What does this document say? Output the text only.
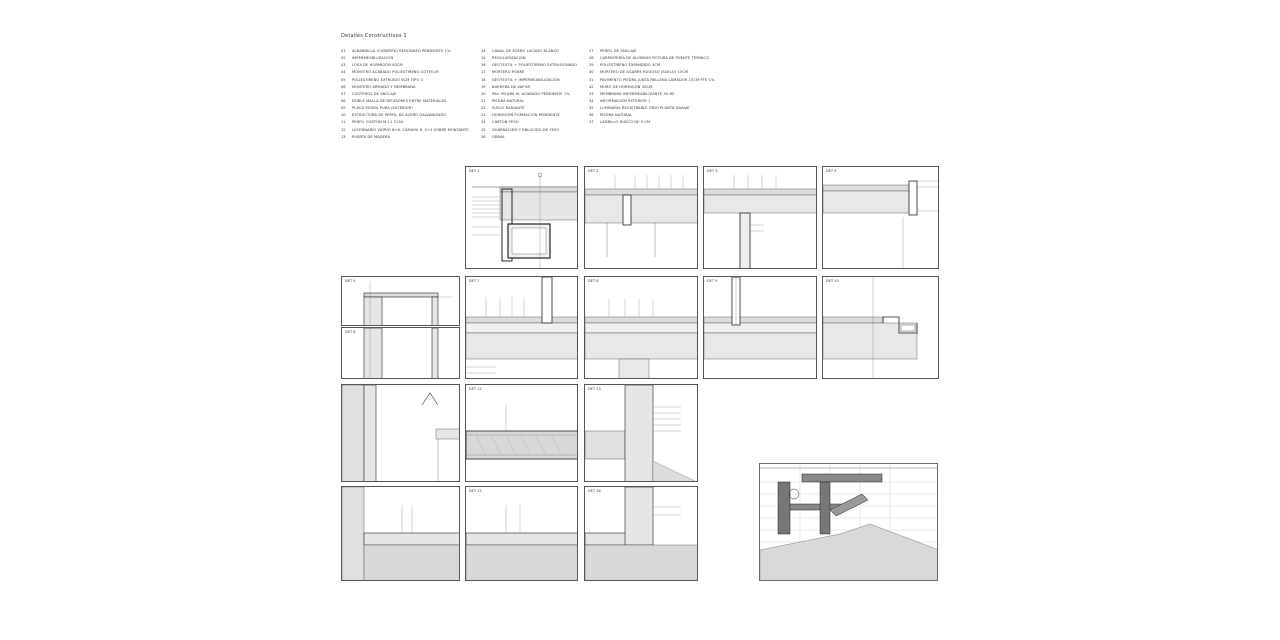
Detalles Constructivos 1
01 ALBARDILLA (CUBIERTA) REDONDEO PENDIENTE 1%
02 IMPERMEABILIZACIÓN
03 LOSA DE HORMIGÓN 40CM
04 MONTERO ACABADO POLIESTIRENO COTEO-M
05 POLIESTIRENO EXTRUIDO 6CM TIPO 3
06 MONTERO ARMADO Y MEMBRANA
07 COSTEROS DE ANCLAJE
08 DOBLE MALLA DE DIFUSORES ENTRE MATERIALES
09 PLACA RÍGIDA PURA (EXTERIOR)
10 ESTRUCTURA DE PERFIL DE ACERO GALVANIZADO
11 PERFIL COSTÓN M-11 2154
12 LUCERNARIO VIDRIO 6+6, CÁMARA 6, 3+3 SOBRE MONTANTE
13 PUERTA DE MADERA
14 CANAL DE ACERO LACADO BLANCO
15 REGULARIZACIÓN
16 GEOTEXTIL + POLIESTIRENO EXTRUSIONADO
17 MORTERO POBRE
18 GEOTEXTIL + IMPERMEABILIZACIÓN
19 BARRERA DE VAPOR
20 PAV. PIEDRA M. ACABADO PENDIENTE 1%
21 PIEDRA NATURAL
22 SUELO RADIANTE
23 HORMIGÓN FORMACIÓN PENDIENTE
24 CARTÓN YESO
25 GUARNECIDO Y ENLUCIDO DE YESO
26 GRAVA
27 PERFIL DE ANCLAJE
28 CARPINTERÍA DE ALUMINIO ROTURA DE PUENTE TÉRMICO
29 POLIESTIRENO EXPANDIDO 3CM
30 MORTERO DE AGARRE RUGOSO (SUELO) 15CM
31 PAVIMENTO PIEDRA JUNTA RELLENA LAMADOR 15CM PTE 1%
32 MURO DE HORMIGÓN 30CM
33 MEMBRANA IMPERMEABILIZANTE 40-RE
34 INFORMACIÓN EXTERIOR 1
35 LUMINARIA REGISTRABLE OÍDO PLANTA GARAJE
36 PIEDRA NATURAL
37 LADRILLO HUECO DE 9 CM
DET 1	DET 2	DET 3	DET 4
DET 5
DET 6
DET 7	DET 8	DET 9	DET 10
DET 12	DET 13
DET 15	DET 16
